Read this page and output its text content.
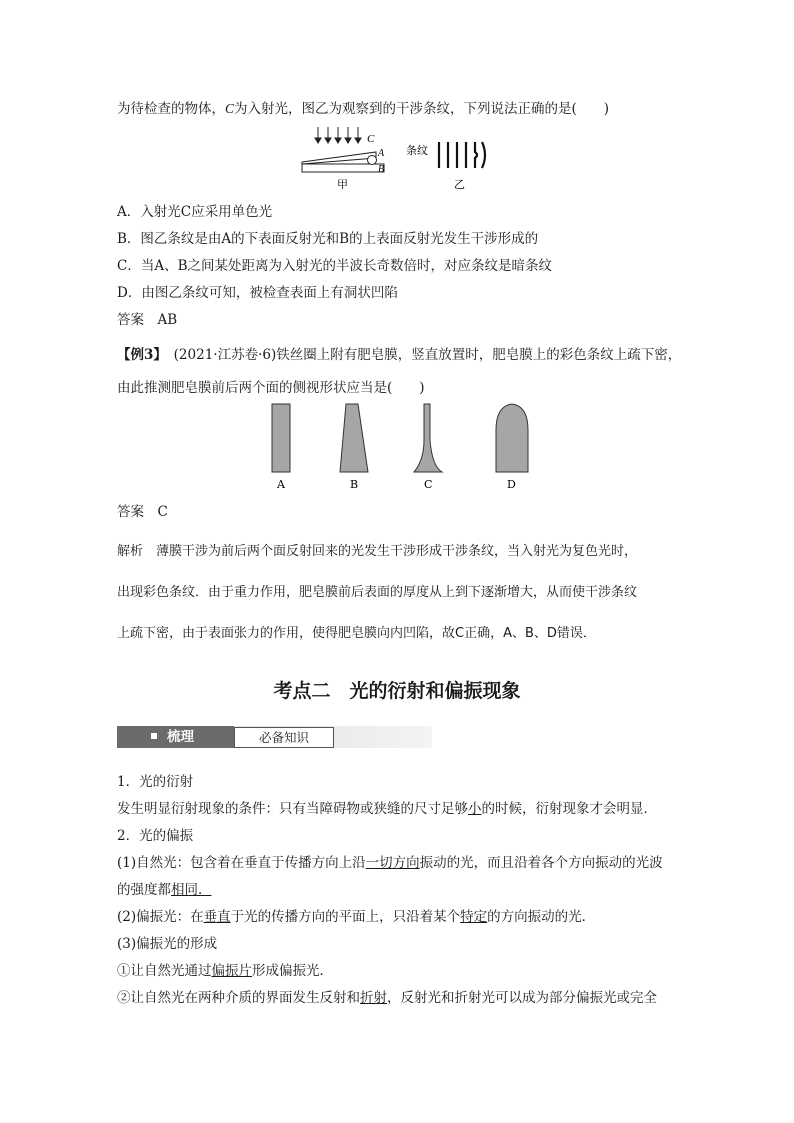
为待检查的物体，C为入射光，图乙为观察到的干涉条纹，下列说法正确的是(　　)
C
A
B
甲
条纹
乙
A．入射光C应采用单色光
B．图乙条纹是由A的下表面反射光和B的上表面反射光发生干涉形成的
C．当A、B之间某处距离为入射光的半波长奇数倍时，对应条纹是暗条纹
D．由图乙条纹可知，被检查表面上有洞状凹陷
答案  AB
【例3】  (2021·江苏卷·6)铁丝圈上附有肥皂膜，竖直放置时，肥皂膜上的彩色条纹上疏下密，
由此推测肥皂膜前后两个面的侧视形状应当是(　　)
A	B	C	D
答案  C
解析  薄膜干涉为前后两个面反射回来的光发生干涉形成干涉条纹，当入射光为复色光时，
出现彩色条纹．由于重力作用，肥皂膜前后表面的厚度从上到下逐渐增大，从而使干涉条纹
上疏下密，由于表面张力的作用，使得肥皂膜向内凹陷，故C正确，A、B、D错误．
考点二　光的衍射和偏振现象
梳理	必备知识
1．光的衍射
发生明显衍射现象的条件：只有当障碍物或狭缝的尺寸足够小的时候，衍射现象才会明显．
2．光的偏振
(1)自然光：包含着在垂直于传播方向上沿一切方向振动的光，而且沿着各个方向振动的光波
的强度都相同．
(2)偏振光：在垂直于光的传播方向的平面上，只沿着某个特定的方向振动的光．
(3)偏振光的形成
①让自然光通过偏振片形成偏振光．
②让自然光在两种介质的界面发生反射和折射，反射光和折射光可以成为部分偏振光或完全
